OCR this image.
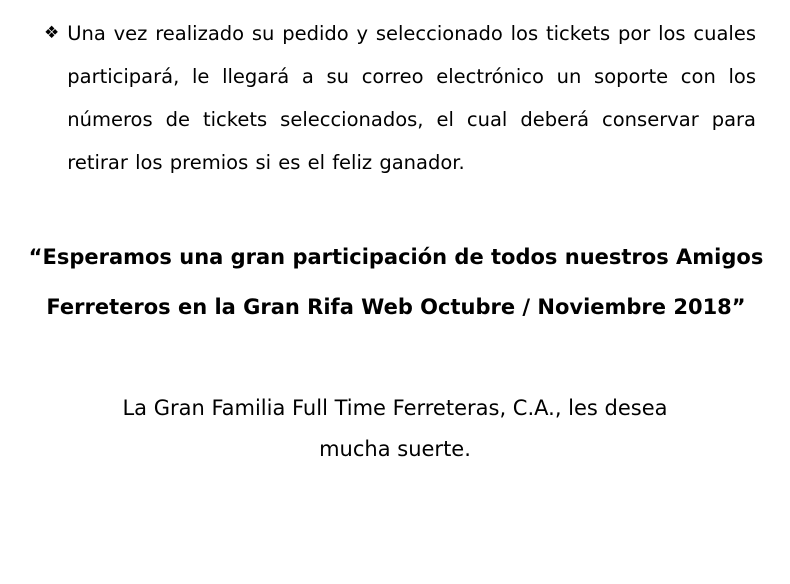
❖ Una vez realizado su pedido y seleccionado los tickets por los cuales participará, le llegará a su correo electrónico un soporte con los números de tickets seleccionados, el cual deberá conservar para retirar los premios si es el feliz ganador.
“Esperamos una gran participación de todos nuestros Amigos
Ferreteros en la Gran Rifa Web Octubre / Noviembre 2018”
La Gran Familia Full Time Ferreteras, C.A., les desea
mucha suerte.
